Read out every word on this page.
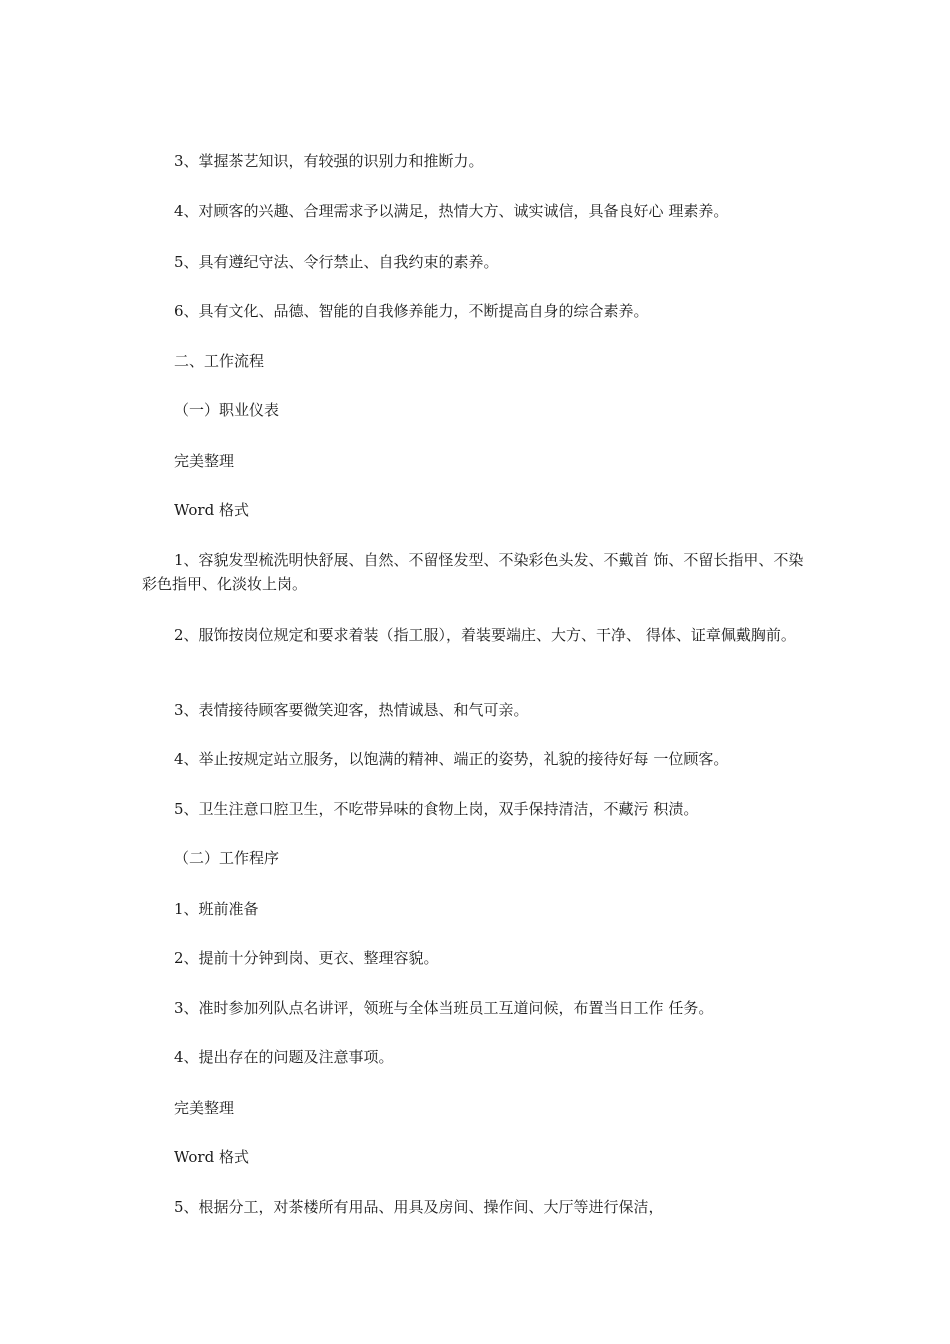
3、掌握茶艺知识，有较强的识别力和推断力。
4、对顾客的兴趣、合理需求予以满足，热情大方、诚实诚信，具备良好心 理素养。
5、具有遵纪守法、令行禁止、自我约束的素养。
6、具有文化、品德、智能的自我修养能力，不断提高自身的综合素养。
二、工作流程
（一）职业仪表
完美整理
Word 格式
1、容貌发型梳洗明快舒展、自然、不留怪发型、不染彩色头发、不戴首 饰、不留长指甲、不染彩色指甲、化淡妆上岗。
2、服饰按岗位规定和要求着装（指工服），着装要端庄、大方、干净、 得体、证章佩戴胸前。
3、表情接待顾客要微笑迎客，热情诚恳、和气可亲。
4、举止按规定站立服务，以饱满的精神、端正的姿势，礼貌的接待好每 一位顾客。
5、卫生注意口腔卫生，不吃带异味的食物上岗，双手保持清洁，不藏污 积渍。
（二）工作程序
1、班前准备
2、提前十分钟到岗、更衣、整理容貌。
3、准时参加列队点名讲评，领班与全体当班员工互道问候，布置当日工作 任务。
4、提出存在的问题及注意事项。
完美整理
Word 格式
5、根据分工，对茶楼所有用品、用具及房间、操作间、大厅等进行保洁，
